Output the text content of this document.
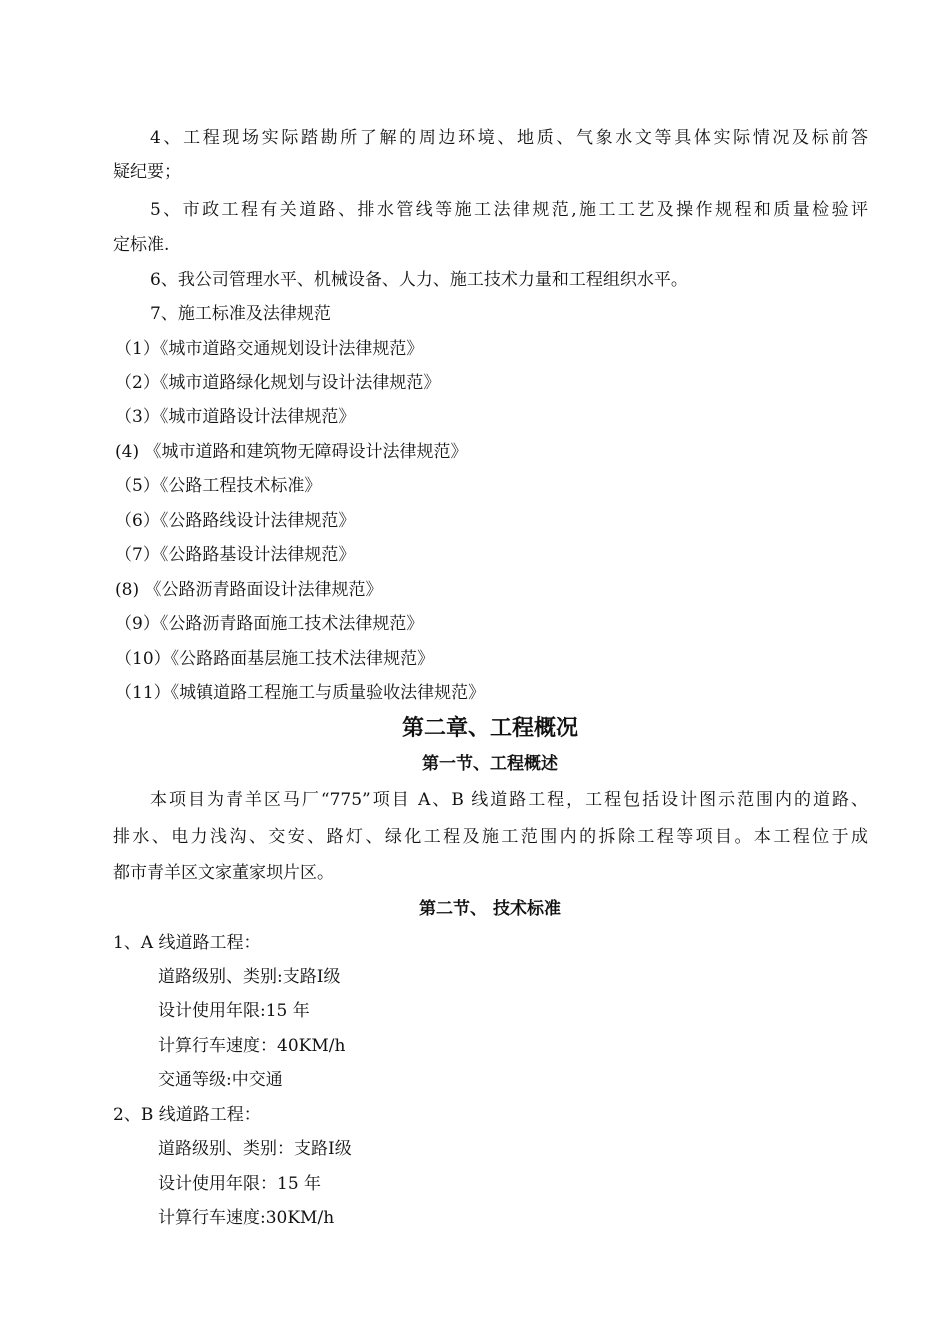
4、工程现场实际踏勘所了解的周边环境、地质、气象水文等具体实际情况及标前答
疑纪要；
5、市政工程有关道路、排水管线等施工法律规范,施工工艺及操作规程和质量检验评
定标准.
6、我公司管理水平、机械设备、人力、施工技术力量和工程组织水平。
7、施工标准及法律规范
（1）《城市道路交通规划设计法律规范》
（2）《城市道路绿化规划与设计法律规范》
（3）《城市道路设计法律规范》
(4) 《城市道路和建筑物无障碍设计法律规范》
（5）《公路工程技术标准》
（6）《公路路线设计法律规范》
（7）《公路路基设计法律规范》
(8) 《公路沥青路面设计法律规范》
（9）《公路沥青路面施工技术法律规范》
（10）《公路路面基层施工技术法律规范》
（11）《城镇道路工程施工与质量验收法律规范》
第二章、工程概况
第一节、工程概述
本项目为青羊区马厂“775”项目 A、B 线道路工程，工程包括设计图示范围内的道路、
排水、电力浅沟、交安、路灯、绿化工程及施工范围内的拆除工程等项目。本工程位于成
都市青羊区文家董家坝片区。
第二节、 技术标准
1、A 线道路工程：
道路级别、类别:支路Ⅰ级
设计使用年限:15 年
计算行车速度：40KM/h
交通等级:中交通
2、B 线道路工程：
道路级别、类别：支路Ⅰ级
设计使用年限：15 年
计算行车速度:30KM/h
